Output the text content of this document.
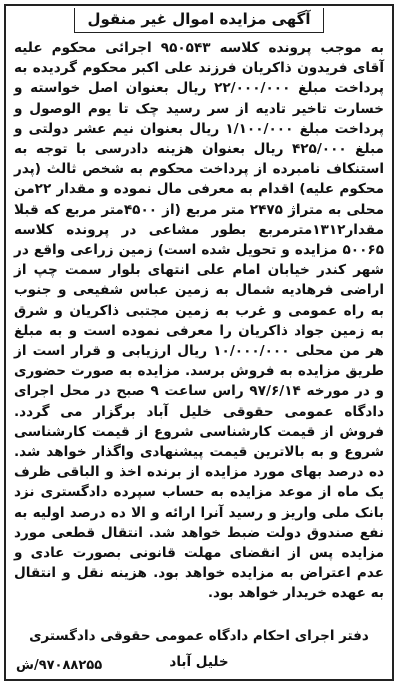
آگهی مزایده اموال غیر منقول
به موجب پرونده کلاسه ۹۵۰۵۴۳ اجرائی محکوم علیه آقای فریدون ذاکریان فرزند علی اکبر محکوم گردیده به پرداخت مبلغ ۲۲/۰۰۰/۰۰۰ ریال بعنوان اصل خواسته و خسارت تاخیر تادیه از سر رسید چک تا یوم الوصول و پرداخت مبلغ ۱/۱۰۰/۰۰۰ ریال بعنوان نیم عشر دولتی و مبلغ ۴۲۵/۰۰۰ ریال بعنوان هزینه دادرسی با توجه به استنکاف نامبرده از پرداخت محکوم به شخص ثالث (پدر محکوم علیه) اقدام به معرفی مال نموده و مقدار ۲۲من محلی به متراژ ۲۴۷۵ متر مربع (از ۴۵۰۰متر مربع که قبلا مقدار۱۳۱۲مترمربع بطور مشاعی در پرونده کلاسه ۵۰۰۶۵ مزایده و تحویل شده است) زمین زراعی واقع در شهر کندر خیابان امام علی انتهای بلوار سمت چپ از اراضی فرهادیه شمال به زمین عباس شفیعی و جنوب به راه عمومی و غرب به زمین مجتبی ذاکریان و شرق به زمین جواد ذاکریان را معرفی نموده است و به مبلغ هر من محلی ۱۰/۰۰۰/۰۰۰ ریال ارزیابی و قرار است از طریق مزایده به فروش برسد. مزایده به صورت حضوری و در مورخه ۹۷/۶/۱۴ راس ساعت ۹ صبح در محل اجرای دادگاه عمومی حقوقی خلیل آباد برگزار می گردد. فروش از قیمت کارشناسی شروع از قیمت کارشناسی شروع و به بالاترین قیمت پیشنهادی واگذار خواهد شد. ده درصد بهای مورد مزایده از برنده اخذ و الباقی ظرف یک ماه از موعد مزایده به حساب سپرده دادگستری نزد بانک ملی واریز و رسید آنرا ارائه و الا ده درصد اولیه به نفع صندوق دولت ضبط خواهد شد. انتقال قطعی مورد مزایده پس از انقضای مهلت قانونی بصورت عادی و عدم اعتراض به مزایده خواهد بود. هزینه نقل و انتقال به عهده خریدار خواهد بود.
دفتر اجرای احکام دادگاه عمومی حقوقی دادگستری
خلیل آباد
۹۷۰۸۸۲۵۵/ش
